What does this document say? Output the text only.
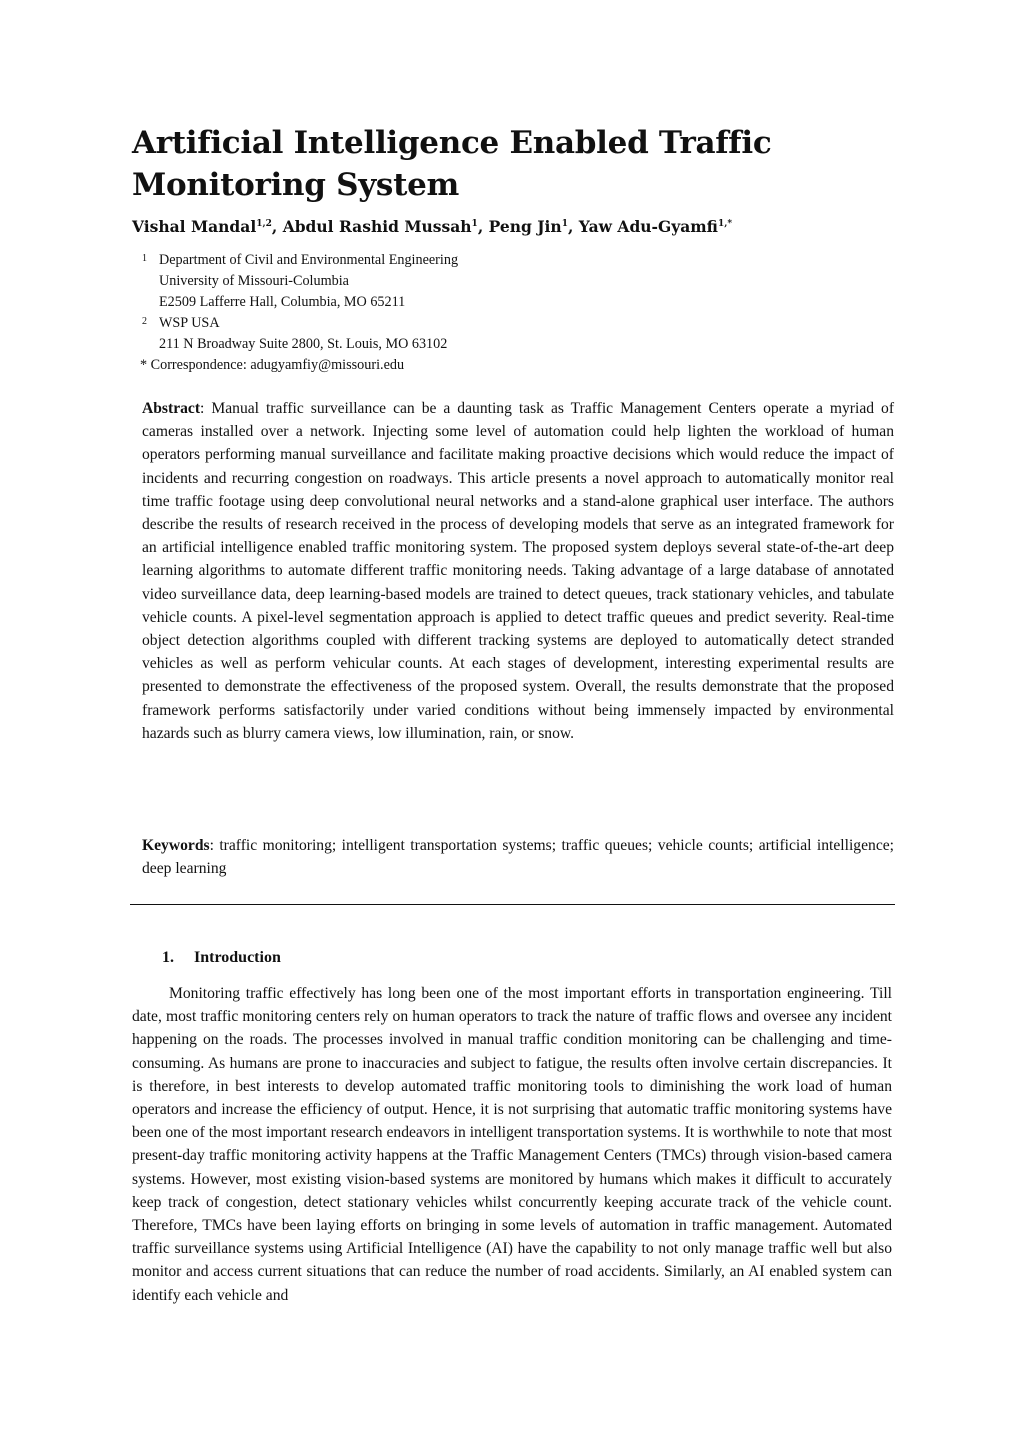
Artificial Intelligence Enabled Traffic Monitoring System
Vishal Mandal$^{1,2}$, Abdul Rashid Mussah$^1$, Peng Jin$^1$, Yaw Adu-Gyamfi$^{1,*}$
1 Department of Civil and Environmental Engineering
University of Missouri-Columbia
E2509 Lafferre Hall, Columbia, MO 65211
2 WSP USA
211 N Broadway Suite 2800, St. Louis, MO 63102
* Correspondence: adugyamfiy@missouri.edu

Abstract: Manual traffic surveillance can be a daunting task as Traffic Management Centers operate a myriad of cameras installed over a network. Injecting some level of automation could help lighten the workload of human operators performing manual surveillance and facilitate making proactive decisions which would reduce the impact of incidents and recurring congestion on roadways. This article presents a novel approach to automatically monitor real time traffic footage using deep convolutional neural networks and a stand-alone graphical user interface. The authors describe the results of research received in the process of developing models that serve as an integrated framework for an artificial intelligence enabled traffic monitoring system. The proposed system deploys several state-of-the-art deep learning algorithms to automate different traffic monitoring needs. Taking advantage of a large database of annotated video surveillance data, deep learning-based models are trained to detect queues, track stationary vehicles, and tabulate vehicle counts. A pixel-level segmentation approach is applied to detect traffic queues and predict severity. Real-time object detection algorithms coupled with different tracking systems are deployed to automatically detect stranded vehicles as well as perform vehicular counts. At each stages of development, interesting experimental results are presented to demonstrate the effectiveness of the proposed system. Overall, the results demonstrate that the proposed framework performs satisfactorily under varied conditions without being immensely impacted by environmental hazards such as blurry camera views, low illumination, rain, or snow.

Keywords: traffic monitoring; intelligent transportation systems; traffic queues; vehicle counts; artificial intelligence; deep learning

1. Introduction

Monitoring traffic effectively has long been one of the most important efforts in transportation engineering. Till date, most traffic monitoring centers rely on human operators to track the nature of traffic flows and oversee any incident happening on the roads. The processes involved in manual traffic condition monitoring can be challenging and time-consuming. As humans are prone to inaccuracies and subject to fatigue, the results often involve certain discrepancies. It is therefore, in best interests to develop automated traffic monitoring tools to diminishing the work load of human operators and increase the efficiency of output. Hence, it is not surprising that automatic traffic monitoring systems have been one of the most important research endeavors in intelligent transportation systems. It is worthwhile to note that most present-day traffic monitoring activity happens at the Traffic Management Centers (TMCs) through vision-based camera systems. However, most existing vision-based systems are monitored by humans which makes it difficult to accurately keep track of congestion, detect stationary vehicles whilst concurrently keeping accurate track of the vehicle count. Therefore, TMCs have been laying efforts on bringing in some levels of automation in traffic management. Automated traffic surveillance systems using Artificial Intelligence (AI) have the capability to not only manage traffic well but also monitor and access current situations that can reduce the number of road accidents. Similarly, an AI enabled system can identify each vehicle and
